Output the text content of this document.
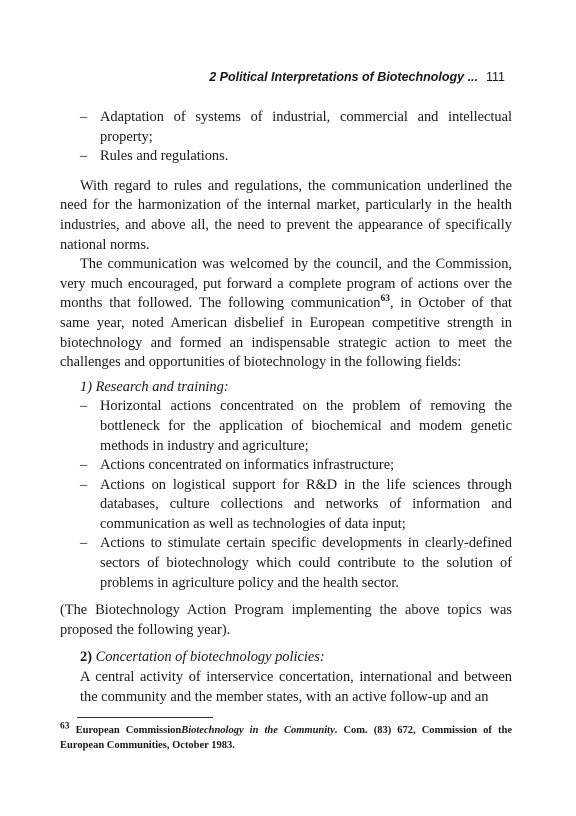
2 Political Interpretations of Biotechnology ... 111
– Adaptation of systems of industrial, commercial and intellectual property;
– Rules and regulations.

With regard to rules and regulations, the communication underlined the need for the harmonization of the internal market, particularly in the health industries, and above all, the need to prevent the appearance of specifically national norms.

The communication was welcomed by the council, and the Commission, very much encouraged, put forward a complete program of actions over the months that followed. The following communication$^{63}$, in October of that same year, noted American disbelief in European competitive strength in biotechnology and formed an indispensable strategic action to meet the challenges and opportunities of biotechnology in the following fields:

1) Research and training:
– Horizontal actions concentrated on the problem of removing the bottleneck for the application of biochemical and modem genetic methods in industry and agriculture;
– Actions concentrated on informatics infrastructure;
– Actions on logistical support for R&D in the life sciences through databases, culture collections and networks of information and communication as well as technologies of data input;
– Actions to stimulate certain specific developments in clearly-defined sectors of biotechnology which could contribute to the solution of problems in agriculture policy and the health sector.

(The Biotechnology Action Program implementing the above topics was proposed the following year).

2) Concertation of biotechnology policies:

A central activity of interservice concertation, international and between the community and the member states, with an active follow-up and an

$^{63}$ European CommissionBiotechnology in the Community. Com. (83) 672, Commission of the European Communities, October 1983.
